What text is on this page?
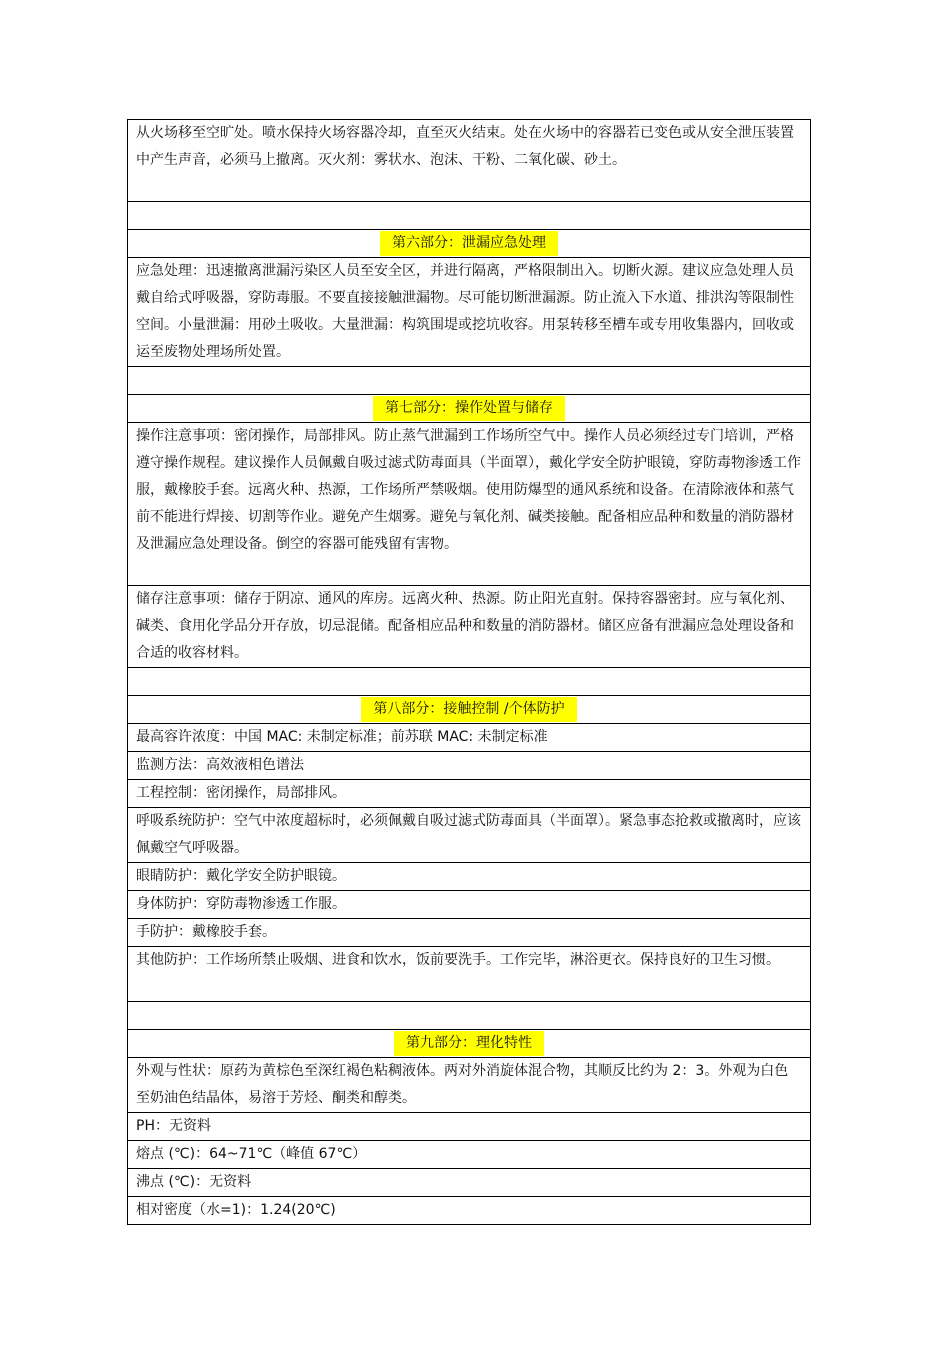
从火场移至空旷处。喷水保持火场容器冷却，直至灭火结束。处在火场中的容器若已变色或从安全泄压装置中产生声音，必须马上撤离。灭火剂：雾状水、泡沫、干粉、二氧化碳、砂土。

第六部分：泄漏应急处理
应急处理：迅速撤离泄漏污染区人员至安全区，并进行隔离，严格限制出入。切断火源。建议应急处理人员戴自给式呼吸器，穿防毒服。不要直接接触泄漏物。尽可能切断泄漏源。防止流入下水道、排洪沟等限制性空间。小量泄漏：用砂土吸收。大量泄漏：构筑围堤或挖坑收容。用泵转移至槽车或专用收集器内，回收或运至废物处理场所处置。

第七部分：操作处置与储存
操作注意事项：密闭操作，局部排风。防止蒸气泄漏到工作场所空气中。操作人员必须经过专门培训，严格遵守操作规程。建议操作人员佩戴自吸过滤式防毒面具（半面罩），戴化学安全防护眼镜，穿防毒物渗透工作服，戴橡胶手套。远离火种、热源，工作场所严禁吸烟。使用防爆型的通风系统和设备。在清除液体和蒸气前不能进行焊接、切割等作业。避免产生烟雾。避免与氧化剂、碱类接触。配备相应品种和数量的消防器材及泄漏应急处理设备。倒空的容器可能残留有害物。
储存注意事项：储存于阴凉、通风的库房。远离火种、热源。防止阳光直射。保持容器密封。应与氧化剂、碱类、食用化学品分开存放，切忌混储。配备相应品种和数量的消防器材。储区应备有泄漏应急处理设备和合适的收容材料。

第八部分：接触控制 /个体防护
最高容许浓度：中国 MAC: 未制定标准；前苏联 MAC: 未制定标准
监测方法：高效液相色谱法
工程控制：密闭操作，局部排风。
呼吸系统防护：空气中浓度超标时，必须佩戴自吸过滤式防毒面具（半面罩）。紧急事态抢救或撤离时，应该佩戴空气呼吸器。
眼睛防护：戴化学安全防护眼镜。
身体防护：穿防毒物渗透工作服。
手防护：戴橡胶手套。
其他防护：工作场所禁止吸烟、进食和饮水，饭前要洗手。工作完毕，淋浴更衣。保持良好的卫生习惯。

第九部分：理化特性
外观与性状：原药为黄棕色至深红褐色粘稠液体。两对外消旋体混合物，其顺反比约为 2：3。外观为白色至奶油色结晶体，易溶于芳烃、酮类和醇类。
PH：无资料
熔点 (℃)：64~71℃（峰值 67℃）
沸点 (℃)：无资料
相对密度（水=1)：1.24(20℃)
